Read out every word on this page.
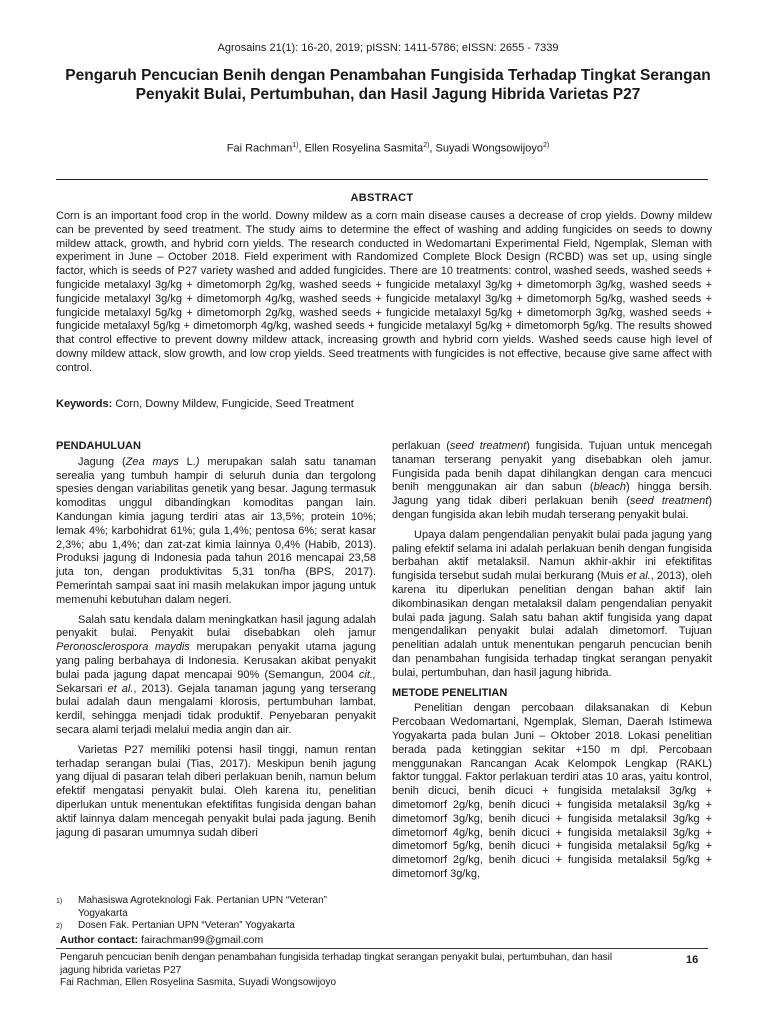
Agrosains 21(1): 16-20, 2019; pISSN: 1411-5786; eISSN: 2655 - 7339
Pengaruh Pencucian Benih dengan Penambahan Fungisida Terhadap Tingkat Serangan Penyakit Bulai, Pertumbuhan, dan Hasil Jagung Hibrida Varietas P27
Fai Rachman$^{1)}$, Ellen Rosyelina Sasmita$^{2)}$, Suyadi Wongsowijoyo$^{2)}$
ABSTRACT
Corn is an important food crop in the world. Downy mildew as a corn main disease causes a decrease of crop yields. Downy mildew can be prevented by seed treatment. The study aims to determine the effect of washing and adding fungicides on seeds to downy mildew attack, growth, and hybrid corn yields. The research conducted in Wedomartani Experimental Field, Ngemplak, Sleman with experiment in June – October 2018. Field experiment with Randomized Complete Block Design (RCBD) was set up, using single factor, which is seeds of P27 variety washed and added fungicides. There are 10 treatments: control, washed seeds, washed seeds + fungicide metalaxyl 3g/kg + dimetomorph 2g/kg, washed seeds + fungicide metalaxyl 3g/kg + dimetomorph 3g/kg, washed seeds + fungicide metalaxyl 3g/kg + dimetomorph 4g/kg, washed seeds + fungicide metalaxyl 3g/kg + dimetomorph 5g/kg, washed seeds + fungicide metalaxyl 5g/kg + dimetomorph 2g/kg, washed seeds + fungicide metalaxyl 5g/kg + dimetomorph 3g/kg, washed seeds + fungicide metalaxyl 5g/kg + dimetomorph 4g/kg, washed seeds + fungicide metalaxyl 5g/kg + dimetomorph 5g/kg. The results showed that control effective to prevent downy mildew attack, increasing growth and hybrid corn yields. Washed seeds cause high level of downy mildew attack, slow growth, and low crop yields. Seed treatments with fungicides is not effective, because give same affect with control.
Keywords: Corn, Downy Mildew, Fungicide, Seed Treatment
PENDAHULUAN

Jagung (Zea mays L.) merupakan salah satu tanaman serealia yang tumbuh hampir di seluruh dunia dan tergolong spesies dengan variabilitas genetik yang besar. Jagung termasuk komoditas unggul dibandingkan komoditas pangan lain. Kandungan kimia jagung terdiri atas air 13,5%; protein 10%; lemak 4%; karbohidrat 61%; gula 1,4%; pentosa 6%; serat kasar 2,3%; abu 1,4%; dan zat-zat kimia lainnya 0,4% (Habib, 2013). Produksi jagung di Indonesia pada tahun 2016 mencapai 23,58 juta ton, dengan produktivitas 5,31 ton/ha (BPS, 2017). Pemerintah sampai saat ini masih melakukan impor jagung untuk memenuhi kebutuhan dalam negeri.

Salah satu kendala dalam meningkatkan hasil jagung adalah penyakit bulai. Penyakit bulai disebabkan oleh jamur Peronosclerospora maydis merupakan penyakit utama jagung yang paling berbahaya di Indonesia. Kerusakan akibat penyakit bulai pada jagung dapat mencapai 90% (Semangun, 2004 cit., Sekarsari et al., 2013). Gejala tanaman jagung yang terserang bulai adalah daun mengalami klorosis, pertumbuhan lambat, kerdil, sehingga menjadi tidak produktif. Penyebaran penyakit secara alami terjadi melalui media angin dan air.

Varietas P27 memiliki potensi hasil tinggi, namun rentan terhadap serangan bulai (Tias, 2017). Meskipun benih jagung yang dijual di pasaran telah diberi perlakuan benih, namun belum efektif mengatasi penyakit bulai. Oleh karena itu, penelitian diperlukan untuk menentukan efektifitas fungisida dengan bahan aktif lainnya dalam mencegah penyakit bulai pada jagung. Benih jagung di pasaran umumnya sudah diberi

perlakuan (seed treatment) fungisida. Tujuan untuk mencegah tanaman terserang penyakit yang disebabkan oleh jamur. Fungisida pada benih dapat dihilangkan dengan cara mencuci benih menggunakan air dan sabun (bleach) hingga bersih. Jagung yang tidak diberi perlakuan benih (seed treatment) dengan fungisida akan lebih mudah terserang penyakit bulai.

Upaya dalam pengendalian penyakit bulai pada jagung yang paling efektif selama ini adalah perlakuan benih dengan fungisida berbahan aktif metalaksil. Namun akhir-akhir ini efektifitas fungisida tersebut sudah mulai berkurang (Muis et al., 2013), oleh karena itu diperlukan penelitian dengan bahan aktif lain dikombinasikan dengan metalaksil dalam pengendalian penyakit bulai pada jagung. Salah satu bahan aktif fungisida yang dapat mengendalikan penyakit bulai adalah dimetomorf. Tujuan penelitian adalah untuk menentukan pengaruh pencucian benih dan penambahan fungisida terhadap tingkat serangan penyakit bulai, pertumbuhan, dan hasil jagung hibrida.

METODE PENELITIAN

Penelitian dengan percobaan dilaksanakan di Kebun Percobaan Wedomartani, Ngemplak, Sleman, Daerah Istimewa Yogyakarta pada bulan Juni – Oktober 2018. Lokasi penelitian berada pada ketinggian sekitar +150 m dpl. Percobaan menggunakan Rancangan Acak Kelompok Lengkap (RAKL) faktor tunggal. Faktor perlakuan terdiri atas 10 aras, yaitu kontrol, benih dicuci, benih dicuci + fungisida metalaksil 3g/kg + dimetomorf 2g/kg, benih dicuci + fungisida metalaksil 3g/kg + dimetomorf 3g/kg, benih dicuci + fungisida metalaksil 3g/kg + dimetomorf 4g/kg, benih dicuci + fungisida metalaksil 3g/kg + dimetomorf 5g/kg, benih dicuci + fungisida metalaksil 5g/kg + dimetomorf 2g/kg, benih dicuci + fungisida metalaksil 5g/kg + dimetomorf 3g/kg,

1)	Mahasiswa Agroteknologi Fak. Pertanian UPN “Veteran” Yogyakarta
2)	Dosen Fak. Pertanian UPN “Veteran” Yogyakarta
Author contact: fairachman99@gmail.com
Pengaruh pencucian benih dengan penambahan fungisida terhadap tingkat serangan penyakit bulai, pertumbuhan, dan hasil jagung hibrida varietas P27
Fai Rachman, Ellen Rosyelina Sasmita, Suyadi Wongsowijoyo
16
